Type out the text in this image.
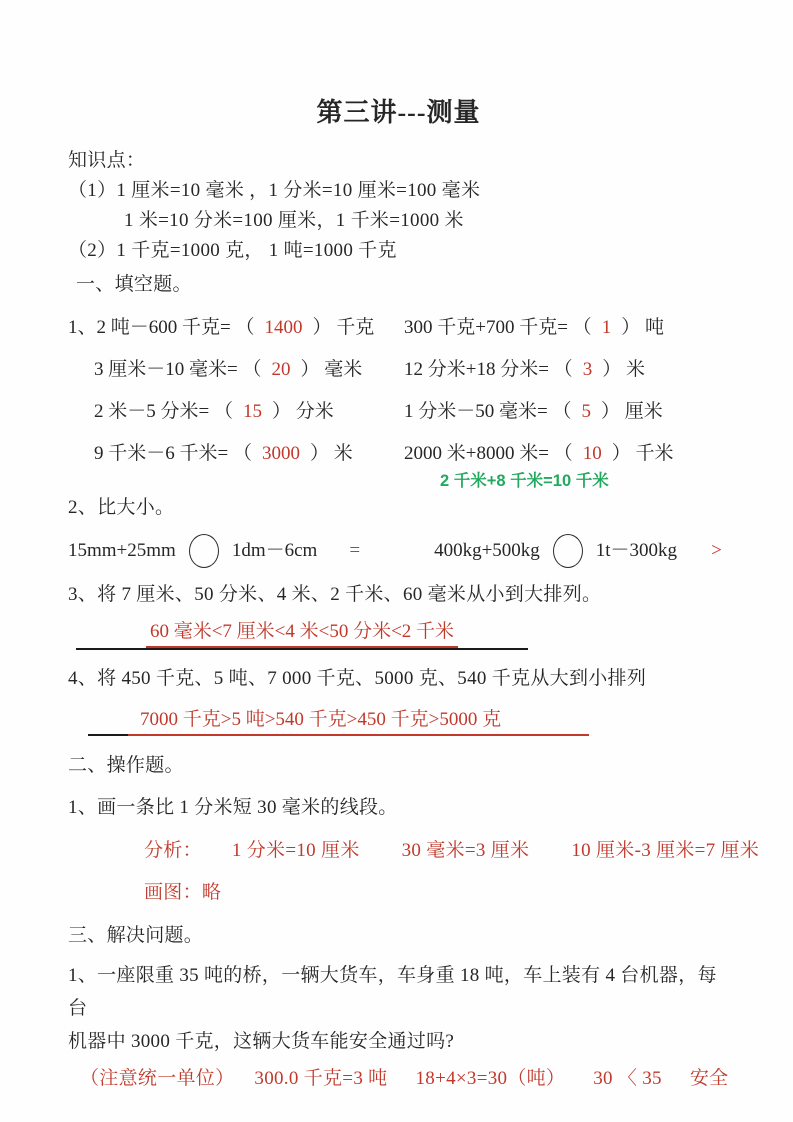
第三讲---测量
知识点：
（1）1 厘米=10 毫米 ，1 分米=10 厘米=100 毫米
1 米=10 分米=100 厘米，1 千米=1000 米
（2）1 千克=1000 克， 1 吨=1000 千克
一、填空题。
1、2 吨－600 千克= （ 1400 ） 千克	300 千克+700 千克= （ 1 ） 吨
3 厘米－10 毫米= （ 20 ） 毫米	12 分米+18 分米= （ 3 ） 米
2 米－5 分米= （ 15 ） 分米	1 分米－50 毫米= （ 5 ） 厘米
9 千米－6 千米= （ 3000 ） 米	2000 米+8000 米= （ 10 ） 千米
2 千米+8 千米=10 千米
2、比大小。
15mm+25mm	1dm－6cm =	400kg+500kg	1t－300kg >
3、将 7 厘米、50 分米、4 米、2 千米、60 毫米从小到大排列。
60 毫米<7 厘米<4 米<50 分米<2 千米
4、将 450 千克、5 吨、7 000 千克、5000 克、540 千克从大到小排列
7000 千克>5 吨>540 千克>450 千克>5000 克
二、操作题。
1、画一条比 1 分米短 30 毫米的线段。
分析： 1 分米=10 厘米 30 毫米=3 厘米 10 厘米-3 厘米=7 厘米
画图：略
三、解决问题。
1、一座限重 35 吨的桥，一辆大货车，车身重 18 吨，车上装有 4 台机器，每台
机器中 3000 千克，这辆大货车能安全通过吗?
（注意统一单位） 300.0 千克=3 吨 18+4×3=30（吨） 30 〈 35 安全
